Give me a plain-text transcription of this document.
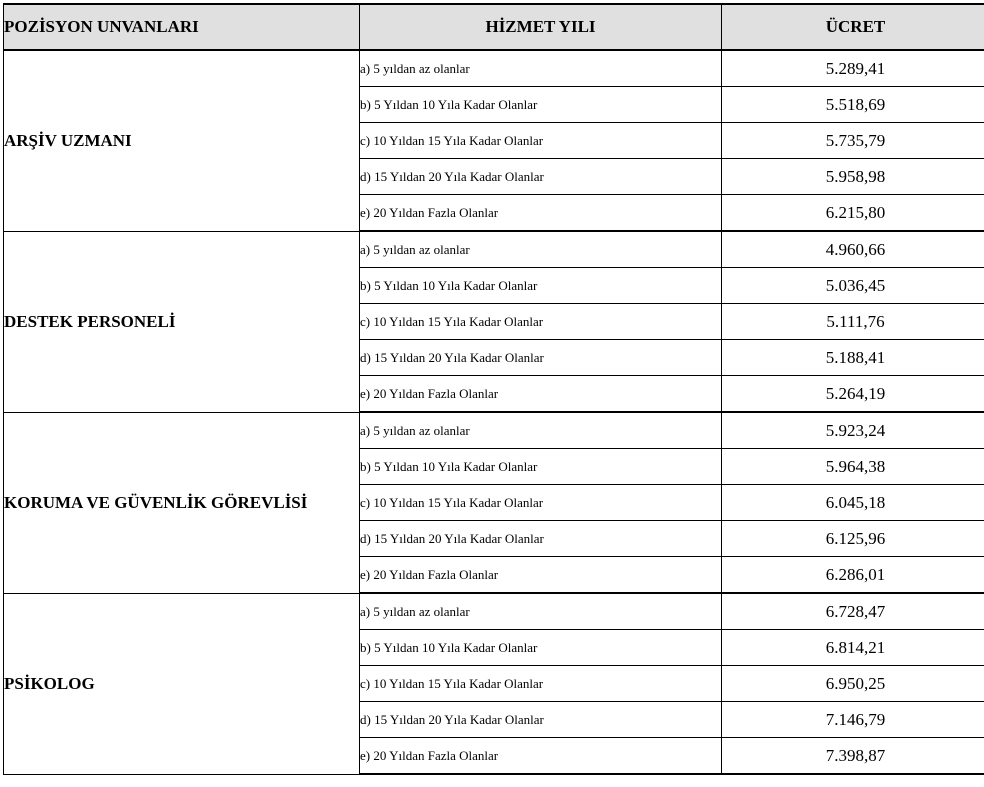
POZİSYON UNVANLARI	HİZMET YILI	ÜCRET
ARŞİV UZMANI	a) 5 yıldan az olanlar	5.289,41
	b) 5 Yıldan 10 Yıla Kadar Olanlar	5.518,69
	c) 10 Yıldan 15 Yıla Kadar Olanlar	5.735,79
	d) 15 Yıldan 20 Yıla Kadar Olanlar	5.958,98
	e) 20 Yıldan Fazla Olanlar	6.215,80
DESTEK PERSONELİ	a) 5 yıldan az olanlar	4.960,66
	b) 5 Yıldan 10 Yıla Kadar Olanlar	5.036,45
	c) 10 Yıldan 15 Yıla Kadar Olanlar	5.111,76
	d) 15 Yıldan 20 Yıla Kadar Olanlar	5.188,41
	e) 20 Yıldan Fazla Olanlar	5.264,19
KORUMA VE GÜVENLİK GÖREVLİSİ	a) 5 yıldan az olanlar	5.923,24
	b) 5 Yıldan 10 Yıla Kadar Olanlar	5.964,38
	c) 10 Yıldan 15 Yıla Kadar Olanlar	6.045,18
	d) 15 Yıldan 20 Yıla Kadar Olanlar	6.125,96
	e) 20 Yıldan Fazla Olanlar	6.286,01
PSİKOLOG	a) 5 yıldan az olanlar	6.728,47
	b) 5 Yıldan 10 Yıla Kadar Olanlar	6.814,21
	c) 10 Yıldan 15 Yıla Kadar Olanlar	6.950,25
	d) 15 Yıldan 20 Yıla Kadar Olanlar	7.146,79
	e) 20 Yıldan Fazla Olanlar	7.398,87
